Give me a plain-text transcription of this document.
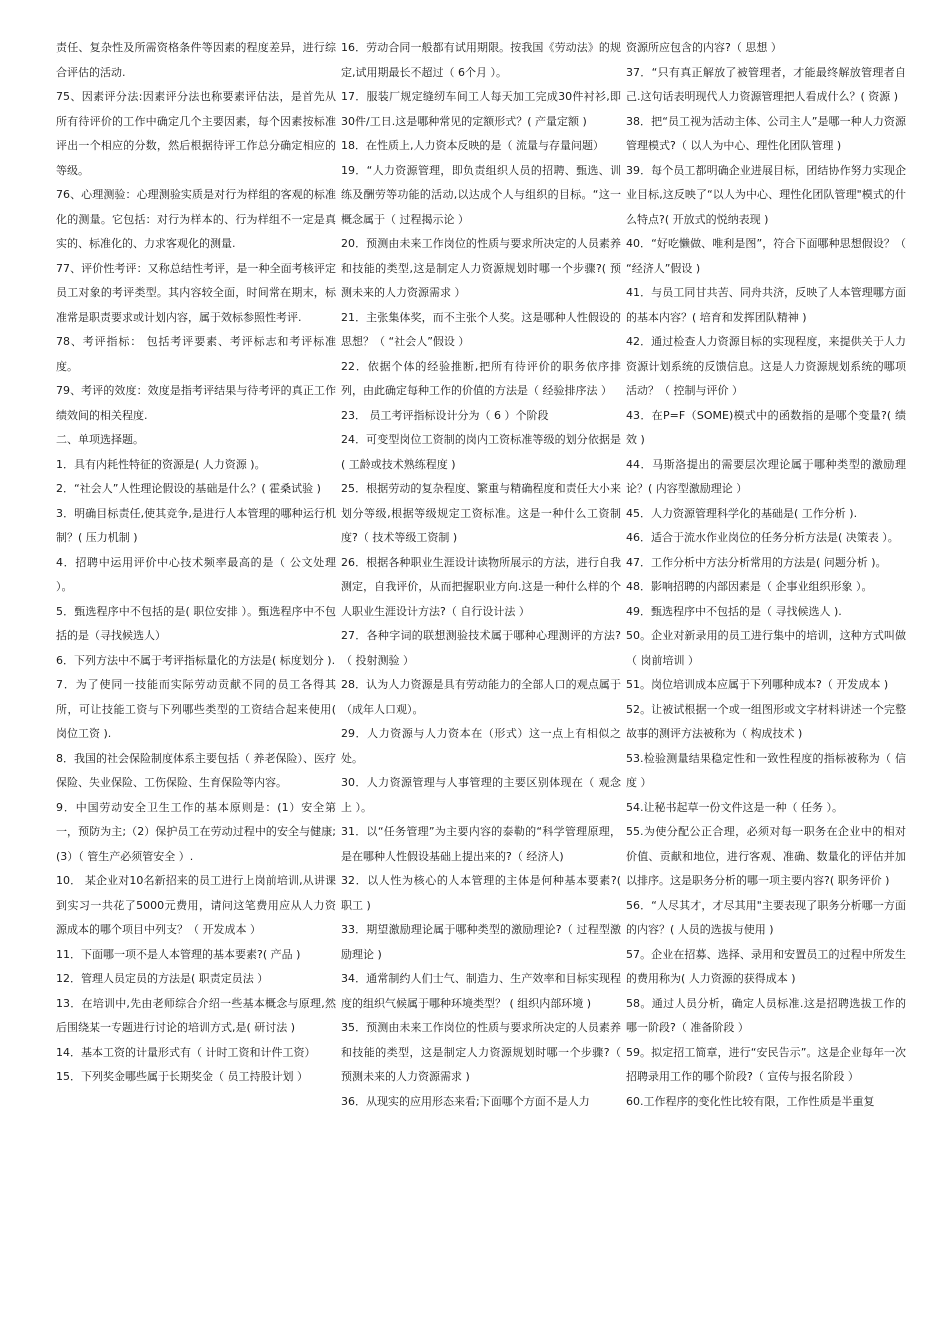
责任、复杂性及所需资格条件等因素的程度差异，进行综合评估的活动.

75、因素评分法:因素评分法也称要素评估法，是首先从所有待评价的工作中确定几个主要因素，每个因素按标准评出一个相应的分数，然后根据待评工作总分确定相应的等级。

76、心理测验：心理测验实质是对行为样组的客观的标准化的测量。它包括：对行为样本的、行为样组不一定是真实的、标准化的、力求客观化的测量.

77、评价性考评：又称总结性考评，是一种全面考核评定员工对象的考评类型。其内容较全面，时间常在期末，标准常是职责要求或计划内容，属于效标参照性考评.

78、考评指标： 包括考评要素、考评标志和考评标准度。

79、考评的效度：效度是指考评结果与待考评的真正工作绩效间的相关程度.

二、单项选择题。

1．具有内耗性特征的资源是( 人力资源 )。

2．“社会人”人性理论假设的基础是什么？( 霍桑试验 )

3．明确目标责任,使其竞争,是进行人本管理的哪种运行机制？( 压力机制 )

4．招聘中运用评价中心技术频率最高的是（ 公文处理 ）。

5．甄选程序中不包括的是( 职位安排 ）。甄选程序中不包括的是（寻找候选人）

6．下列方法中不属于考评指标量化的方法是( 标度划分 ).

7．为了使同一技能而实际劳动贡献不同的员工各得其所，可让技能工资与下列哪些类型的工资结合起来使用( 岗位工资 ).

8．我国的社会保险制度体系主要包括（ 养老保险）、医疗保险、失业保险、工伤保险、生育保险等内容。

9．中国劳动安全卫生工作的基本原则是：(1）安全第一，预防为主;（2）保护员工在劳动过程中的安全与健康;(3）（ 管生产必须管安全 ）.

10． 某企业对10名新招来的员工进行上岗前培训,从讲课到实习一共花了5000元费用，请问这笔费用应从人力资源成本的哪个项目中列支？（ 开发成本 ）

11．下面哪一项不是人本管理的基本要素?( 产品 )

12．管理人员定员的方法是( 职责定员法 ）

13．在培训中,先由老师综合介绍一些基本概念与原理,然后围绕某一专题进行讨论的培训方式,是( 研讨法 )

14．基本工资的计量形式有（ 计时工资和计件工资）

15．下列奖金哪些属于长期奖金（ 员工持股计划 ）

16．劳动合同一般都有试用期限。按我国《劳动法》的规定,试用期最长不超过（ 6个月 ）。

17．服装厂规定缝纫车间工人每天加工完成30件衬衫,即30件/工日.这是哪种常见的定额形式？( 产量定额 )

18．在性质上,人力资本反映的是（ 流量与存量问题）

19．“人力资源管理，即负责组织人员的招聘、甄选、训练及酬劳等功能的活动,以达成个人与组织的目标。“这一概念属于（ 过程揭示论 ）

20．预测由未来工作岗位的性质与要求所决定的人员素养和技能的类型,这是制定人力资源规划时哪一个步骤?( 预测未来的人力资源需求 ）

21．主张集体奖，而不主张个人奖。这是哪种人性假设的思想？（ “社会人”假设 ）

22．依据个体的经验推断,把所有待评价的职务依序排列，由此确定每种工作的价值的方法是（ 经验排序法 ）

23． 员工考评指标设计分为（ 6 ）个阶段

24．可变型岗位工资制的岗内工资标准等级的划分依据是( 工龄或技术熟练程度 )

25．根据劳动的复杂程度、繁重与精确程度和责任大小来划分等级,根据等级规定工资标准。这是一种什么工资制度?（ 技术等级工资制 )

26．根据各种职业生涯设计读物所展示的方法，进行自我测定，自我评价，从而把握职业方向.这是一种什么样的个人职业生涯设计方法?（ 自行设计法 ）

27．各种字词的联想测验技术属于哪种心理测评的方法?（ 投射测验 ）

28．认为人力资源是具有劳动能力的全部人口的观点属于（成年人口观）。

29．人力资源与人力资本在（形式）这一点上有相似之处。

30．人力资源管理与人事管理的主要区别体现在（ 观念上 ）。

31．以“任务管理”为主要内容的泰勒的“科学管理原理，是在哪种人性假设基础上提出来的?（ 经济人)

32．以人性为核心的人本管理的主体是何种基本要素?( 职工 )

33．期望激励理论属于哪种类型的激励理论?（ 过程型激励理论 )

34．通常制约人们士气、制造力、生产效率和目标实现程度的组织气候属于哪种环境类型？ ( 组织内部环境 )

35．预测由未来工作岗位的性质与要求所决定的人员素养和技能的类型，这是制定人力资源规划时哪一个步骤?（ 预测未来的人力资源需求 )

36．从现实的应用形态来看;下面哪个方面不是人力

资源所应包含的内容?（ 思想 ）

37．“只有真正解放了被管理者，才能最终解放管理者自己.这句话表明现代人力资源管理把人看成什么？( 资源 )

38．把“员工视为活动主体、公司主人”是哪一种人力资源管理模式?（ 以人为中心、理性化团队管理 )

39．每个员工都明确企业进展目标，团结协作努力实现企业目标,这反映了“以人为中心、理性化团队管理"模式的什么特点?( 开放式的悦纳表现 )

40．“好吃懒做、唯利是图”，符合下面哪种思想假设？（ “经济人”假设 )

41．与员工同甘共苦、同舟共济，反映了人本管理哪方面的基本内容？( 培育和发挥团队精神 )

42．通过检查人力资源目标的实现程度，来提供关于人力资源计划系统的反馈信息。这是人力资源规划系统的哪项活动？（ 控制与评价 ）

43．在P=F（SOME)模式中的函数指的是哪个变量?( 绩效 )

44．马斯洛提出的需要层次理论属于哪种类型的激励理论？( 内容型激励理论 ）

45．人力资源管理科学化的基础是( 工作分析 ).

46．适合于流水作业岗位的任务分析方法是( 决策表 ）。

47．工作分析中方法分析常用的方法是( 问题分析 )。

48．影响招聘的内部因素是（ 企事业组织形象 ）。

49．甄选程序中不包括的是（ 寻找候选人 ).

50。企业对新录用的员工进行集中的培训，这种方式叫做（ 岗前培训 ）

51。岗位培训成本应属于下列哪种成本?（ 开发成本 )

52。让被试根据一个或一组图形或文字材料讲述一个完整故事的测评方法被称为（ 构成技术 )

53.检验测量结果稳定性和一致性程度的指标被称为（ 信度 ）

54.让秘书起草一份文件这是一种（ 任务 ）。

55.为使分配公正合理，必须对每一职务在企业中的相对价值、贡献和地位，进行客观、准确、数量化的评估并加以排序。这是职务分析的哪一项主要内容?( 职务评价 )

56．“人尽其才，才尽其用"主要表现了职务分析哪一方面的内容？( 人员的选拔与使用 )

57。企业在招募、选择、录用和安置员工的过程中所发生的费用称为( 人力资源的获得成本 )

58。通过人员分析，确定人员标准.这是招聘选拔工作的哪一阶段?（ 准备阶段 ）

59。拟定招工简章，进行“安民告示”。这是企业每年一次招聘录用工作的哪个阶段?（ 宣传与报名阶段 ）

60.工作程序的变化性比较有限，工作性质是半重复
